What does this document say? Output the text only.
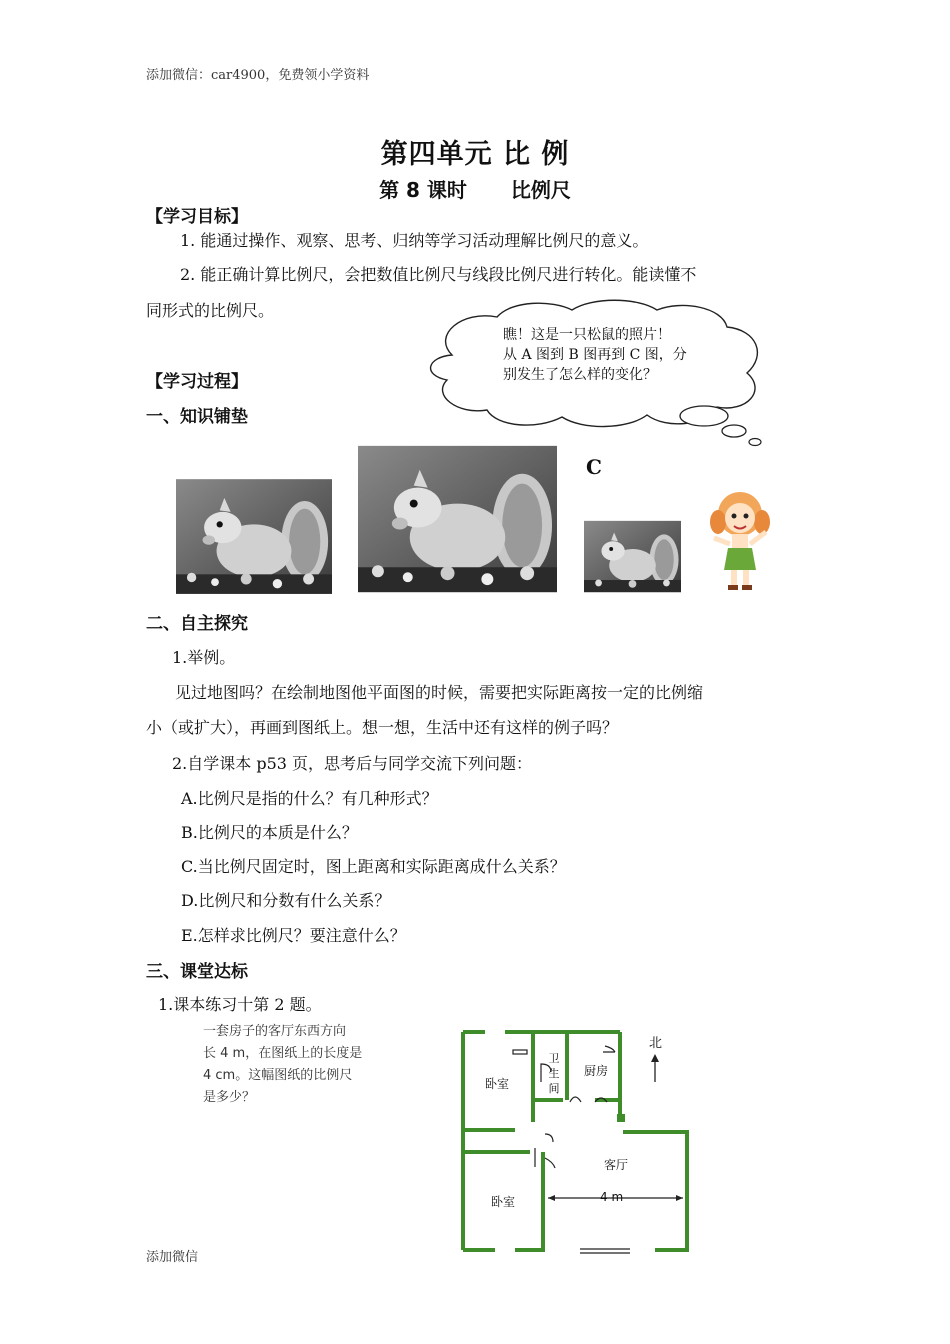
添加微信：car4900，免费领小学资料
第四单元 比 例
第 8 课时 比例尺
【学习目标】
1. 能通过操作、观察、思考、归纳等学习活动理解比例尺的意义。
2. 能正确计算比例尺，会把数值比例尺与线段比例尺进行转化。能读懂不
同形式的比例尺。
瞧！这是一只松鼠的照片！
从 A 图到 B 图再到 C 图，分
别发生了怎么样的变化？
【学习过程】
一、知识铺垫
C
二、自主探究
1.举例。
见过地图吗？在绘制地图他平面图的时候，需要把实际距离按一定的比例缩
小（或扩大），再画到图纸上。想一想，生活中还有这样的例子吗？
2.自学课本 p53 页，思考后与同学交流下列问题：
A.比例尺是指的什么？有几种形式？
B.比例尺的本质是什么？
C.当比例尺固定时，图上距离和实际距离成什么关系？
D.比例尺和分数有什么关系？
E.怎样求比例尺？要注意什么？
三、课堂达标
1.课本练习十第 2 题。
一套房子的客厅东西方向
长 4 m，在图纸上的长度是
4 cm。这幅图纸的比例尺
是多少？
卧室
卫
生
间
厨房
客厅
卧室	4 m
北
添加微信
